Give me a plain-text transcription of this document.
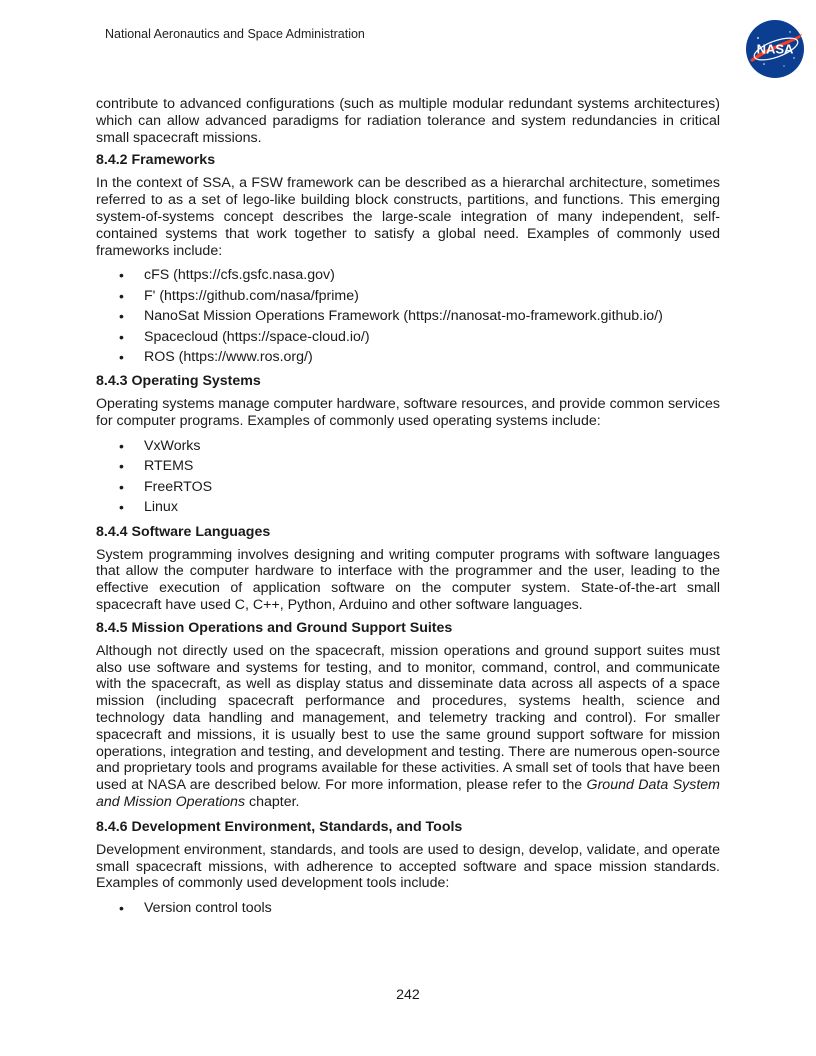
National Aeronautics and Space Administration
NASA

contribute to advanced configurations (such as multiple modular redundant systems architectures) which can allow advanced paradigms for radiation tolerance and system redundancies in critical small spacecraft missions.

8.4.2 Frameworks

In the context of SSA, a FSW framework can be described as a hierarchal architecture, sometimes referred to as a set of lego-like building block constructs, partitions, and functions. This emerging system-of-systems concept describes the large-scale integration of many independent, self-contained systems that work together to satisfy a global need. Examples of commonly used frameworks include:

• cFS (https://cfs.gsfc.nasa.gov)
• F' (https://github.com/nasa/fprime)
• NanoSat Mission Operations Framework (https://nanosat-mo-framework.github.io/)
• Spacecloud (https://space-cloud.io/)
• ROS (https://www.ros.org/)
8.4.3 Operating Systems

Operating systems manage computer hardware, software resources, and provide common services for computer programs. Examples of commonly used operating systems include:

• VxWorks
• RTEMS
• FreeRTOS
• Linux
8.4.4 Software Languages

System programming involves designing and writing computer programs with software languages that allow the computer hardware to interface with the programmer and the user, leading to the effective execution of application software on the computer system. State-of-the-art small spacecraft have used C, C++, Python, Arduino and other software languages.

8.4.5 Mission Operations and Ground Support Suites

Although not directly used on the spacecraft, mission operations and ground support suites must also use software and systems for testing, and to monitor, command, control, and communicate with the spacecraft, as well as display status and disseminate data across all aspects of a space mission (including spacecraft performance and procedures, systems health, science and technology data handling and management, and telemetry tracking and control). For smaller spacecraft and missions, it is usually best to use the same ground support software for mission operations, integration and testing, and development and testing. There are numerous open-source and proprietary tools and programs available for these activities. A small set of tools that have been used at NASA are described below. For more information, please refer to the Ground Data System and Mission Operations chapter.

8.4.6 Development Environment, Standards, and Tools

Development environment, standards, and tools are used to design, develop, validate, and operate small spacecraft missions, with adherence to accepted software and space mission standards. Examples of commonly used development tools include:

• Version control tools
242
